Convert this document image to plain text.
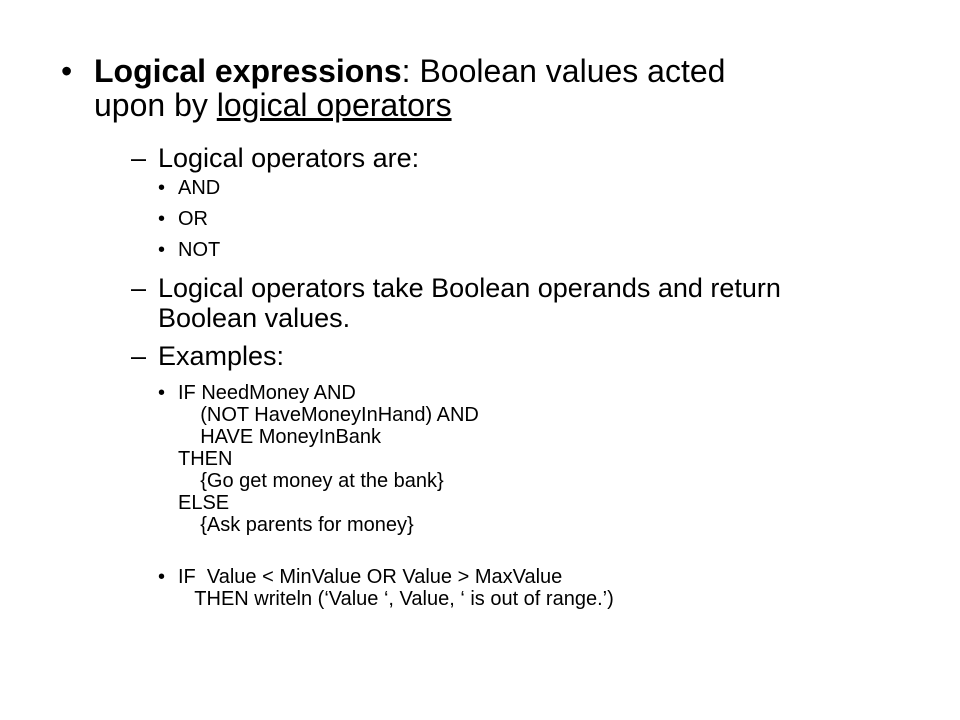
• Logical expressions: Boolean values acted
upon by logical operators
– Logical operators are:
• AND
• OR
• NOT
– Logical operators take Boolean operands and return
Boolean values.
– Examples:
• IF NeedMoney AND
(NOT HaveMoneyInHand) AND
HAVE MoneyInBank
THEN
{Go get money at the bank}
ELSE
{Ask parents for money}
• IF  Value < MinValue OR Value > MaxValue
THEN writeln (‘Value ‘, Value, ‘ is out of range.’)
